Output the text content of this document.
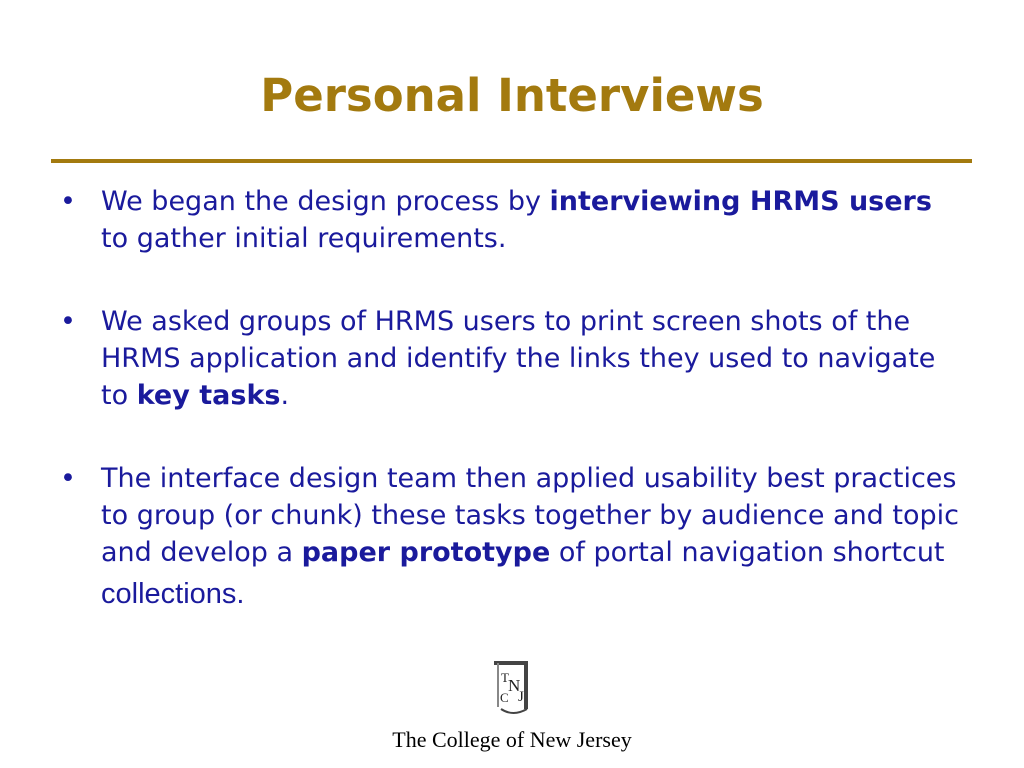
Personal Interviews
• We began the design process by interviewing HRMS users to gather initial requirements.
• We asked groups of HRMS users to print screen shots of the HRMS application and identify the links they used to navigate to key tasks.
• The interface design team then applied usability best practices to group (or chunk) these tasks together by audience and topic and develop a paper prototype of portal navigation shortcut
collections.
T N
C J
The College of New Jersey
